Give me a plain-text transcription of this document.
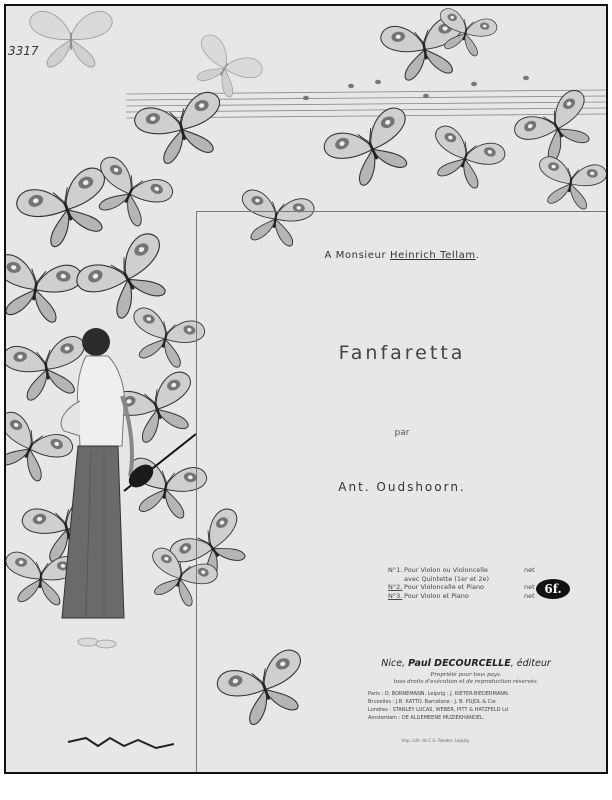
3317
A Monsieur Heinrich Tellam.
Fanfaretta
par
Ant. Oudshoorn.
N°1. Pour Violon ou Violoncelle	net
avec Quintette (1er et 2e)
N°2. Pour Violoncelle et Piano	net
N°3. Pour Violon et Piano	net 6f.
Nice, Paul DECOURCELLE, éditeur
Propriété pour tous pays.
tous droits d'exécution et de reproduction réservés.
Paris : O. BORNEMANN. Leipzig : J. RIETER-BIEDERMANN.
Bruxelles : J.B. KATTO. Barcelone : J. B. PUJOL & Cie
Londres : STANLEY LUCAS, WEBER, PITT & HATZFELD Ld
Amsterdam : DE ALGEMEENE MUZIEKHANDEL.
Imp. Lith. de C.G. Roeder, Leipzig
